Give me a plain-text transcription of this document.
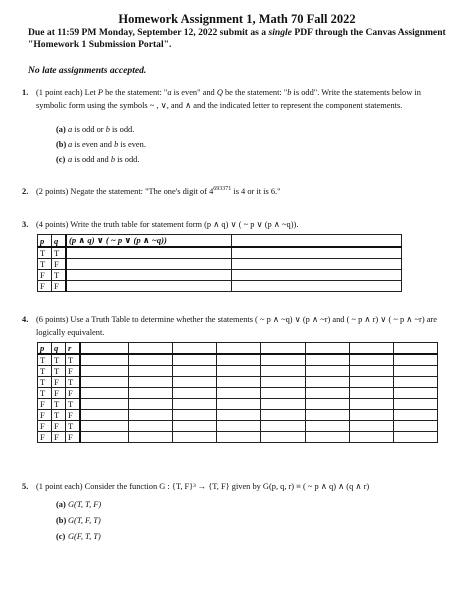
Homework Assignment 1, Math 70 Fall 2022
Due at 11:59 PM Monday, September 12, 2022 submit as a single PDF through the Canvas Assignment
"Homework 1 Submission Portal".
No late assignments accepted.
1. (1 point each) Let P be the statement: "a is even" and Q be the statement: "b is odd". Write the statements below in symbolic form using the symbols ~ , ∨, and ∧ and the indicated letter to represent the component statements.
(a) a is odd or b is odd.
(b) a is even and b is even.
(c) a is odd and b is odd.
2. (2 points) Negate the statement: "The one's digit of $4^{693371}$ is 4 or it is 6."
3. (4 points) Write the truth table for statement form (p ∧ q) ∨ ( ~ p ∨ (p ∧ ~q)).
p	q	(p ∧ q) ∨ ( ~ p ∨ (p ∧ ~q))	
T	T		
T	F		
F	T		
F	F		
4. (6 points) Use a Truth Table to determine whether the statements ( ~ p ∧ ~q) ∨ (p ∧ ~r) and ( ~ p ∧ r) ∨ ( ~ p ∧ ~r) are logically equivalent.
p	q	r								
T	T	T								
T	T	F								
T	F	T								
T	F	F								
F	T	T								
F	T	F								
F	F	T								
F	F	F								
5. (1 point each) Consider the function G : {T, F}³ → {T, F} given by G(p, q, r) ≡ ( ~ p ∧ q) ∧ (q ∧ r)
(a) G(T, T, F)
(b) G(T, F, T)
(c) G(F, T, T)
